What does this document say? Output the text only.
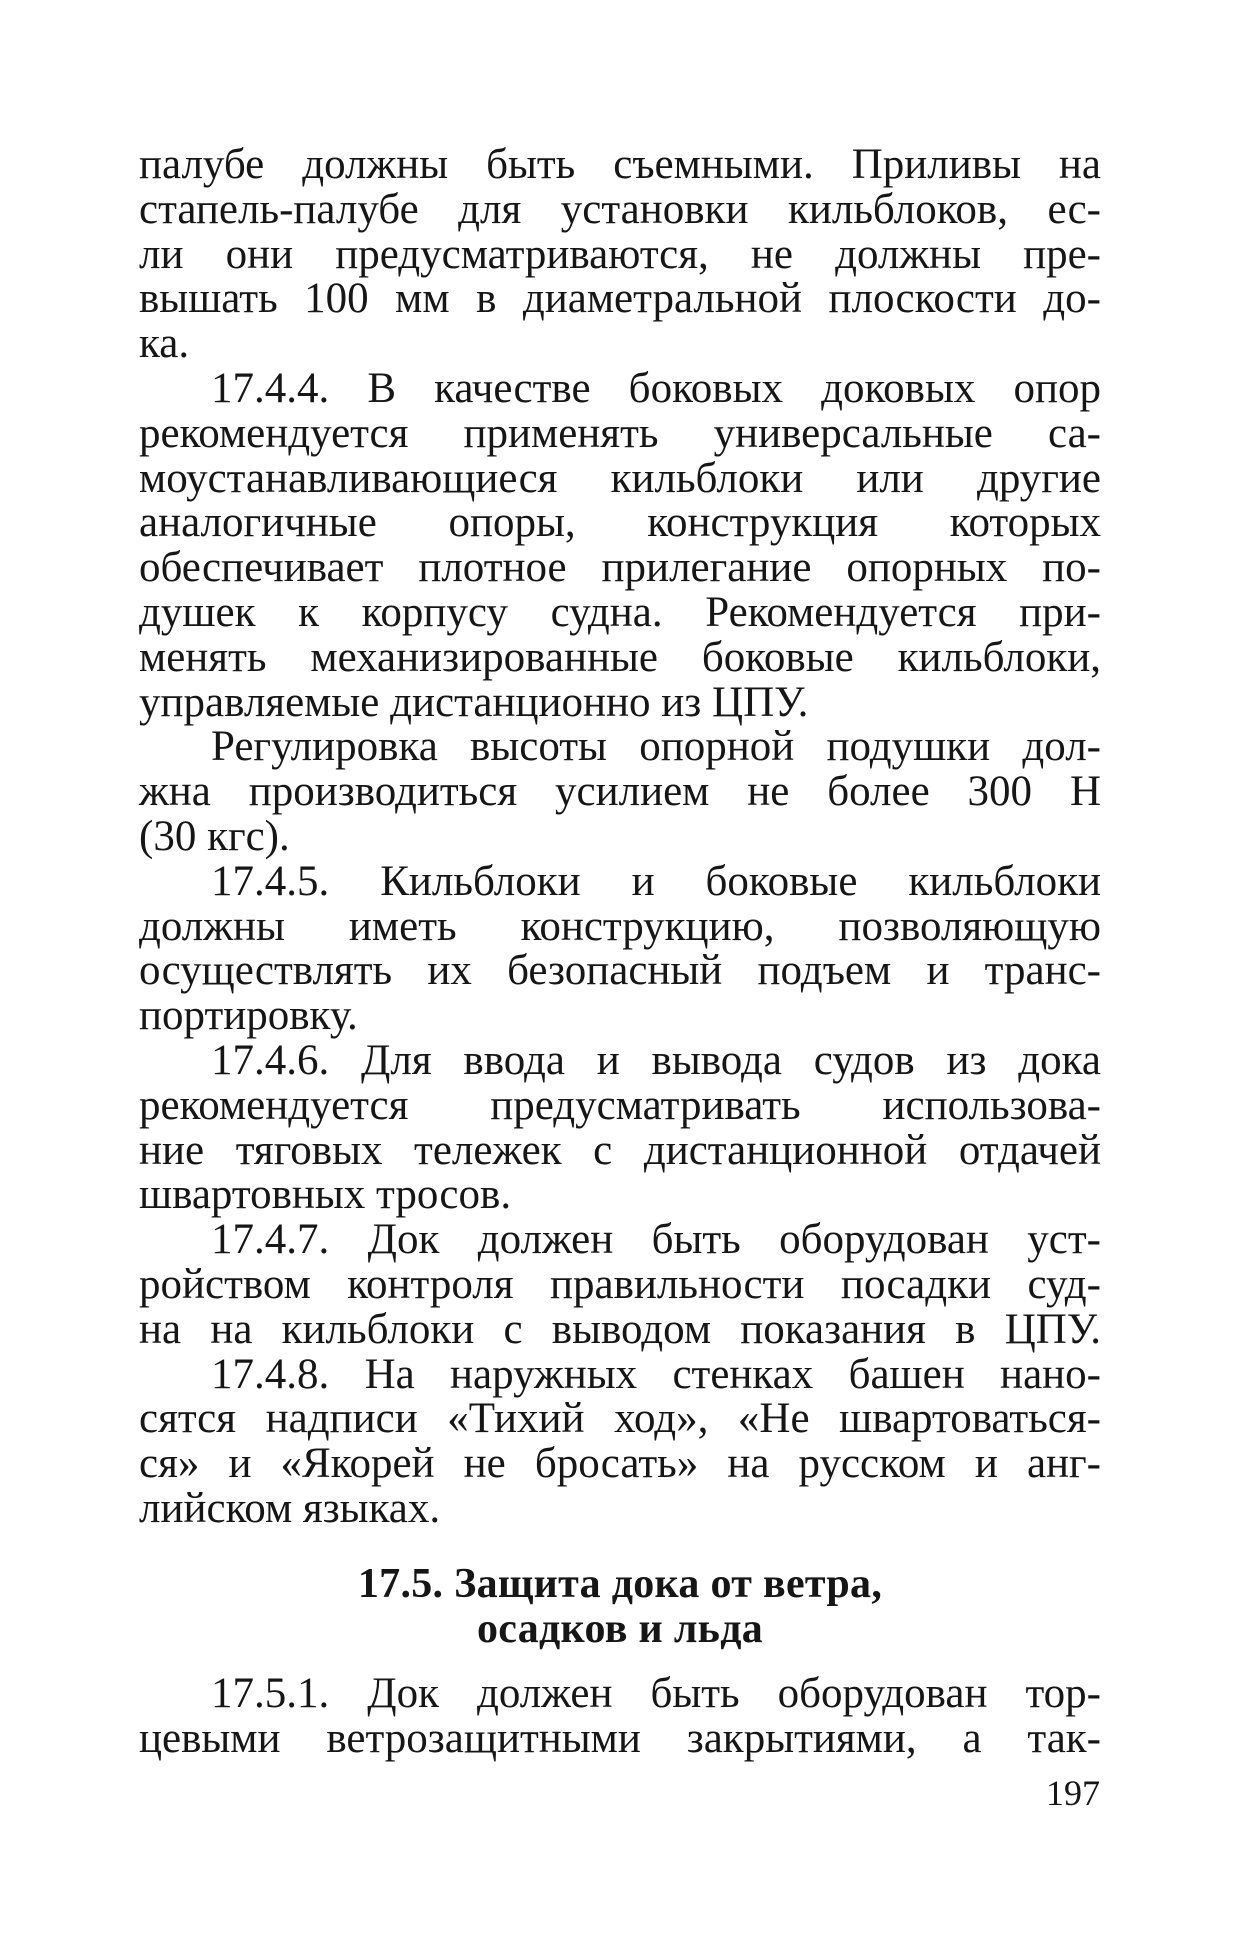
палубе должны быть съемными. Приливы на
стапель-палубе для установки кильблоков, ес-
ли они предусматриваются, не должны пре-
вышать 100 мм в диаметральной плоскости до-
ка.
17.4.4. В качестве боковых доковых опор
рекомендуется применять универсальные са-
моустанавливающиеся кильблоки или другие
аналогичные опоры, конструкция которых
обеспечивает плотное прилегание опорных по-
душек к корпусу судна. Рекомендуется при-
менять механизированные боковые кильблоки,
управляемые дистанционно из ЦПУ.
Регулировка высоты опорной подушки дол-
жна производиться усилием не более 300 Н
(30 кгс).
17.4.5. Кильблоки и боковые кильблоки
должны иметь конструкцию, позволяющую
осуществлять их безопасный подъем и транс-
портировку.
17.4.6. Для ввода и вывода судов из дока
рекомендуется предусматривать использова-
ние тяговых тележек с дистанционной отдачей
швартовных тросов.
17.4.7. Док должен быть оборудован уст-
ройством контроля правильности посадки суд-
на на кильблоки с выводом показания в ЦПУ.
17.4.8. На наружных стенках башен нано-
сятся надписи «Тихий ход», «Не швартоваться-
ся» и «Якорей не бросать» на русском и анг-
лийском языках.
17.5. Защита дока от ветра,
осадков и льда
17.5.1. Док должен быть оборудован тор-
цевыми ветрозащитными закрытиями, а так-
197
